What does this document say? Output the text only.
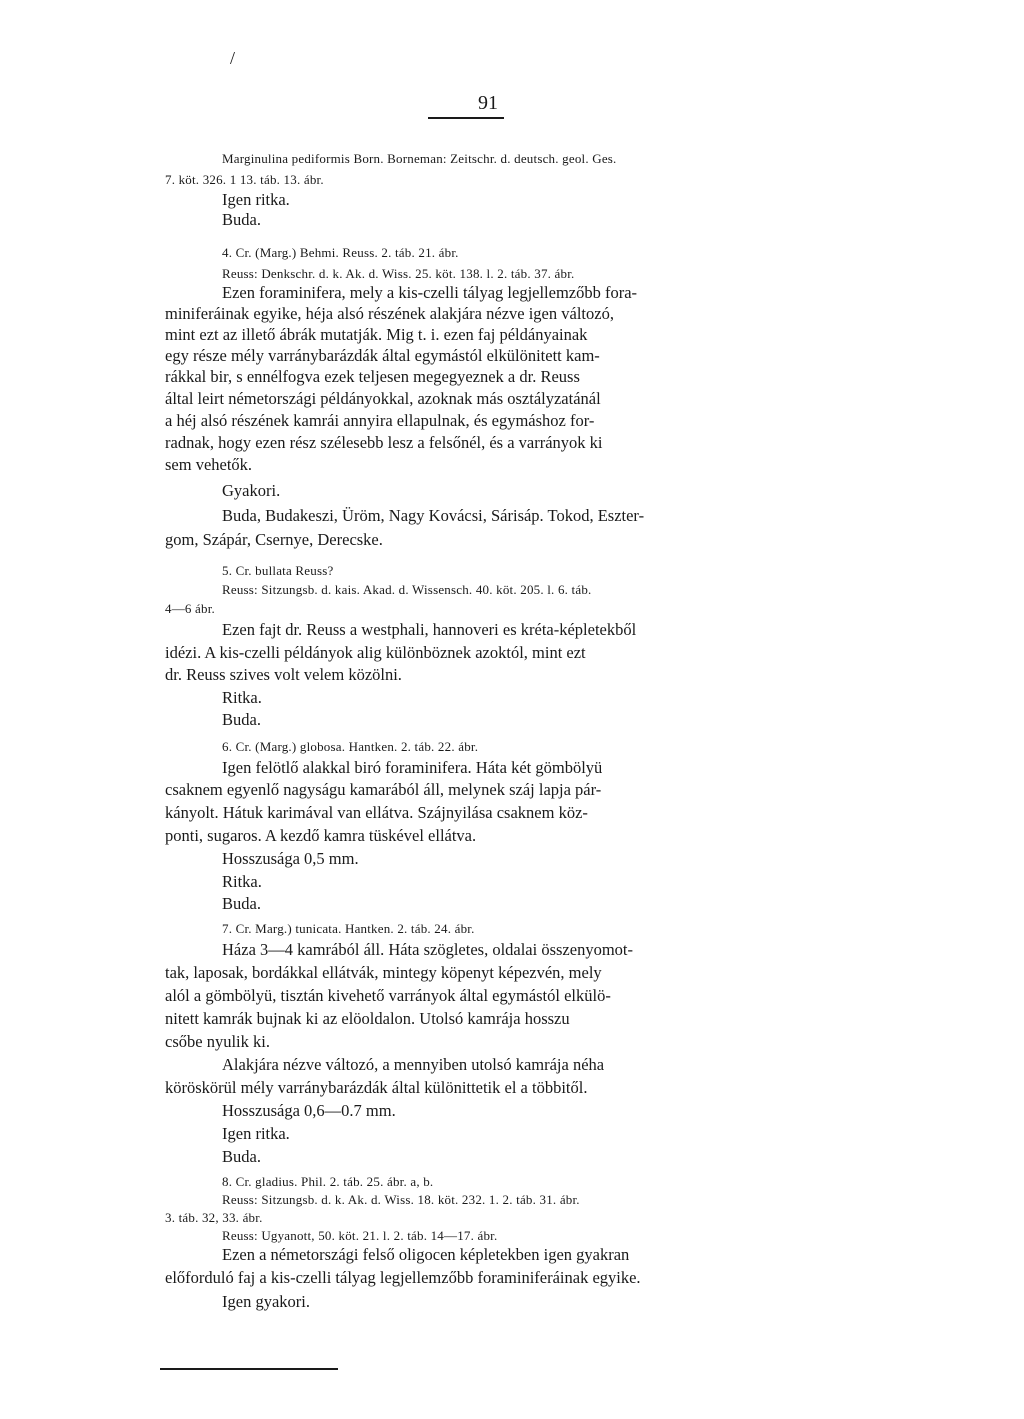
/
91
Marginulina pediformis Born. Borneman: Zeitschr. d. deutsch. geol. Ges.
7. köt. 326. 1 13. táb. 13. ábr.
Igen ritka.
Buda.
4. Cr. (Marg.) Behmi. Reuss. 2. táb. 21. ábr.
Reuss: Denkschr. d. k. Ak. d. Wiss. 25. köt. 138. l. 2. táb. 37. ábr.
Ezen foraminifera, mely a kis-czelli tályag legjellemzőbb fora-
miniferáinak egyike, héja alsó részének alakjára nézve igen változó,
mint ezt az illető ábrák mutatják. Mig t. i. ezen faj példányainak
egy része mély varránybarázdák által egymástól elkülönitett kam-
rákkal bir, s ennélfogva ezek teljesen megegyeznek a dr. Reuss
által leirt németországi példányokkal, azoknak más osztályzatánál
a héj alsó részének kamrái annyira ellapulnak, és egymáshoz for-
radnak, hogy ezen rész szélesebb lesz a felsőnél, és a varrányok ki
sem vehetők.
Gyakori.
Buda, Budakeszi, Üröm, Nagy Kovácsi, Sárisáp. Tokod, Eszter-
gom, Szápár, Csernye, Derecske.
5. Cr. bullata Reuss?
Reuss: Sitzungsb. d. kais. Akad. d. Wissensch. 40. köt. 205. l. 6. táb.
4—6 ábr.
Ezen fajt dr. Reuss a westphali, hannoveri es kréta-képletekből
idézi. A kis-czelli példányok alig különböznek azoktól, mint ezt
dr. Reuss szives volt velem közölni.
Ritka.
Buda.
6. Cr. (Marg.) globosa. Hantken. 2. táb. 22. ábr.
Igen felötlő alakkal biró foraminifera. Háta két gömbölyü
csaknem egyenlő nagyságu kamarából áll, melynek száj lapja pár-
kányolt. Hátuk karimával van ellátva. Szájnyilása csaknem köz-
ponti, sugaros. A kezdő kamra tüskével ellátva.
Hosszusága 0,5 mm.
Ritka.
Buda.
7. Cr. Marg.) tunicata. Hantken. 2. táb. 24. ábr.
Háza 3—4 kamrából áll. Háta szögletes, oldalai összenyomot-
tak, laposak, bordákkal ellátvák, mintegy köpenyt képezvén, mely
alól a gömbölyü, tisztán kivehető varrányok által egymástól elkülö-
nitett kamrák bujnak ki az elöoldalon. Utolsó kamrája hosszu
csőbe nyulik ki.
Alakjára nézve változó, a mennyiben utolsó kamrája néha
köröskörül mély varránybarázdák által különittetik el a többitől.
Hosszusága 0,6—0.7 mm.
Igen ritka.
Buda.
8. Cr. gladius. Phil. 2. táb. 25. ábr. a, b.
Reuss: Sitzungsb. d. k. Ak. d. Wiss. 18. köt. 232. 1. 2. táb. 31. ábr.
3. táb. 32, 33. ábr.
Reuss: Ugyanott, 50. köt. 21. l. 2. táb. 14—17. ábr.
Ezen a németországi felső oligocen képletekben igen gyakran
előforduló faj a kis-czelli tályag legjellemzőbb foraminiferáinak egyike.
Igen gyakori.
